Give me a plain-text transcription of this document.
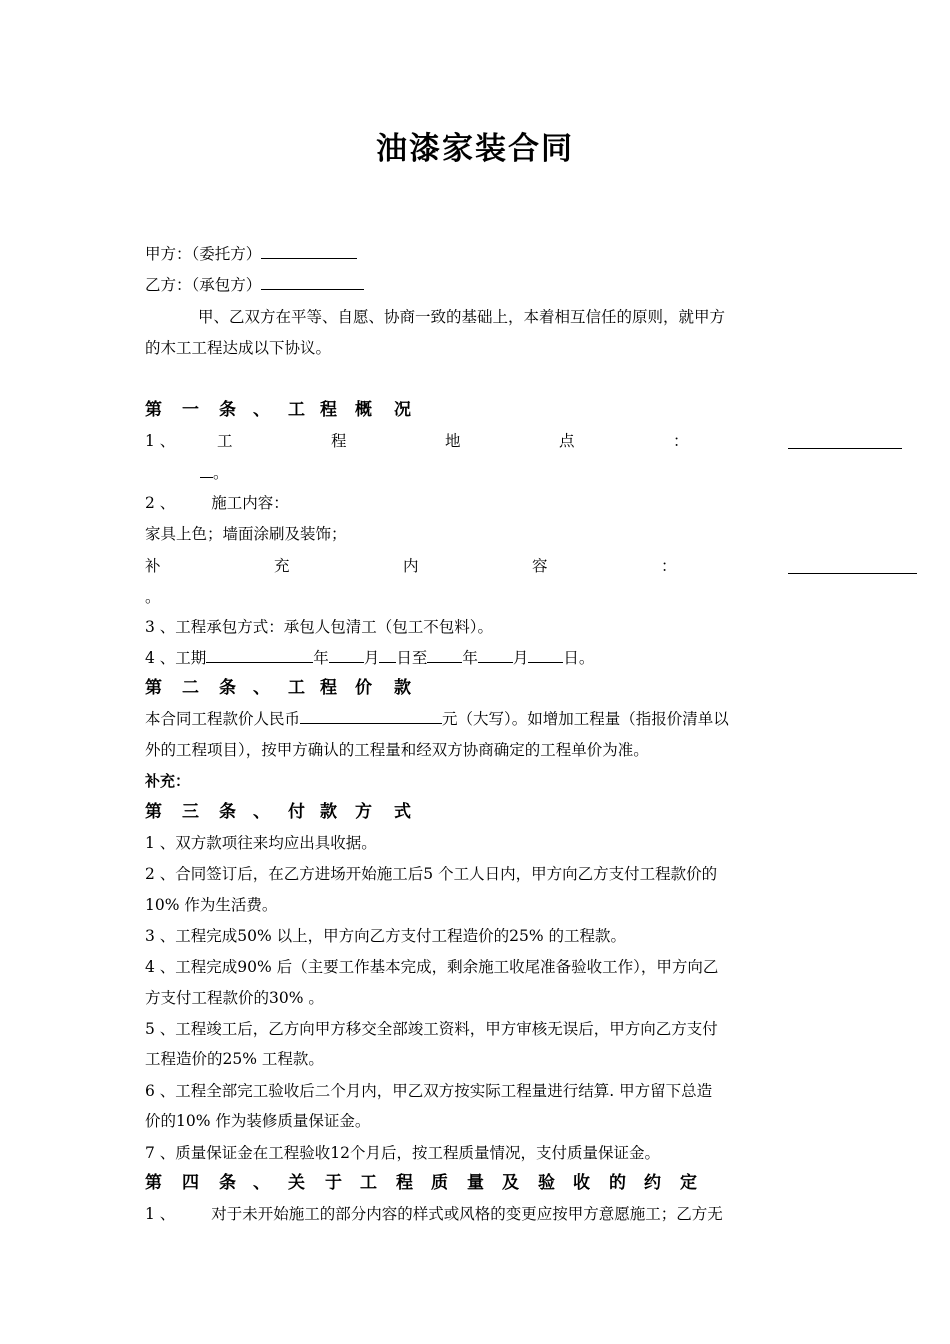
油漆家装合同
甲方：（委托方）
乙方：（承包方）
甲、乙双方在平等、自愿、协商一致的基础上，本着相互信任的原则，就甲方
的木工工程达成以下协议。
第 一 条 、 工 程 概 况
1 、	工	程	地	点	：
。
2 、 施工内容：
家具上色；墙面涂刷及装饰；
补	充	内	容	：
。
3 、工程承包方式：承包人包清工（包工不包料）。
4 、工期	年 月 日至 年 月 日。
第 二 条 、 工 程 价 款
本合同工程款价人民币	元（大写）。如增加工程量（指报价清单以
外的工程项目），按甲方确认的工程量和经双方协商确定的工程单价为准。
补充：
第 三 条 、 付 款 方 式
1 、双方款项往来均应出具收据。
2 、合同签订后，在乙方进场开始施工后5 个工人日内，甲方向乙方支付工程款价的
10% 作为生活费。
3 、工程完成50% 以上，甲方向乙方支付工程造价的25% 的工程款。
4 、工程完成90% 后（主要工作基本完成，剩余施工收尾准备验收工作），甲方向乙
方支付工程款价的30% 。
5 、工程竣工后，乙方向甲方移交全部竣工资料，甲方审核无误后，甲方向乙方支付
工程造价的25% 工程款。
6 、工程全部完工验收后二个月内，甲乙双方按实际工程量进行结算. 甲方留下总造
价的10% 作为装修质量保证金。
7 、质量保证金在工程验收12个月后，按工程质量情况，支付质量保证金。
第 四 条 、 关 于 工 程 质 量 及 验 收 的 约 定
1 、 对于未开始施工的部分内容的样式或风格的变更应按甲方意愿施工；乙方无
